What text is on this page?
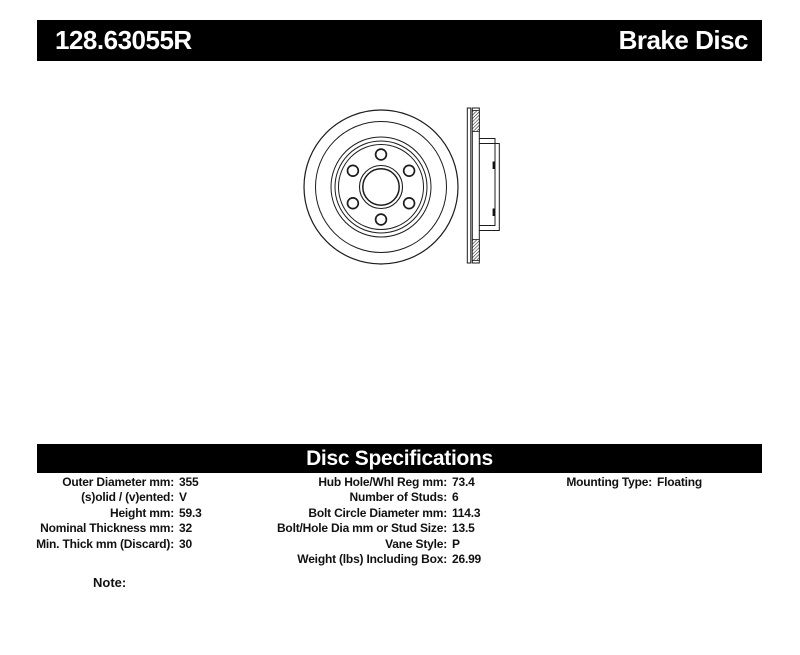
128.63055R	Brake Disc
Disc Specifications
Outer Diameter mm: 355
(s)olid / (v)ented: V
Height mm: 59.3
Nominal Thickness mm: 32
Min. Thick mm (Discard): 30
Hub Hole/Whl Reg mm: 73.4
Number of Studs: 6
Bolt Circle Diameter mm: 114.3
Bolt/Hole Dia mm or Stud Size: 13.5
Vane Style: P
Weight (lbs) Including Box: 26.99
Mounting Type: Floating
Note:
